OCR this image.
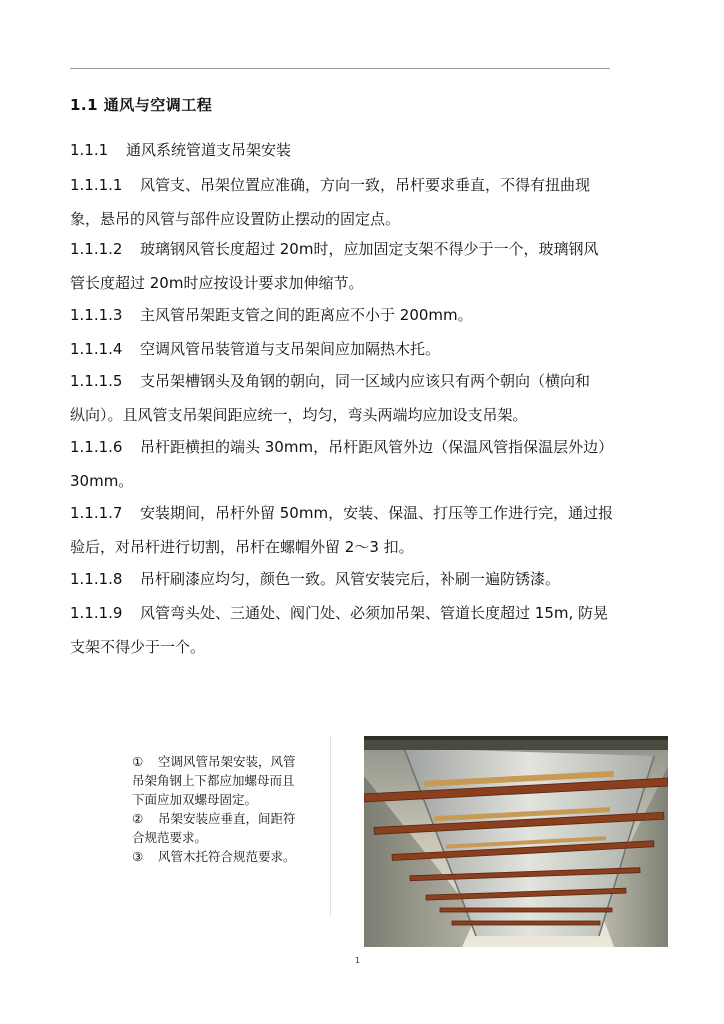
1.1 通风与空调工程
1.1.1 通风系统管道支吊架安装
1.1.1.1 风管支、吊架位置应准确，方向一致，吊杆要求垂直，不得有扭曲现
象，悬吊的风管与部件应设置防止摆动的固定点。
1.1.1.2 玻璃钢风管长度超过 20m时，应加固定支架不得少于一个，玻璃钢风
管长度超过 20m时应按设计要求加伸缩节。
1.1.1.3 主风管吊架距支管之间的距离应不小于 200mm。
1.1.1.4 空调风管吊装管道与支吊架间应加隔热木托。
1.1.1.5 支吊架槽钢头及角钢的朝向，同一区域内应该只有两个朝向（横向和
纵向）。且风管支吊架间距应统一，均匀，弯头两端均应加设支吊架。
1.1.1.6 吊杆距横担的端头 30mm，吊杆距风管外边（保温风管指保温层外边）
30mm。
1.1.1.7 安装期间，吊杆外留 50mm，安装、保温、打压等工作进行完，通过报
验后，对吊杆进行切割，吊杆在螺帽外留 2～3 扣。
1.1.1.8 吊杆刷漆应均匀，颜色一致。风管安装完后，补刷一遍防锈漆。
1.1.1.9 风管弯头处、三通处、阀门处、必须加吊架、管道长度超过 15m, 防晃
支架不得少于一个。
① 空调风管吊架安装，风管
吊架角钢上下都应加螺母而且
下面应加双螺母固定。
② 吊架安装应垂直，间距符
合规范要求。
③ 风管木托符合规范要求。
1
